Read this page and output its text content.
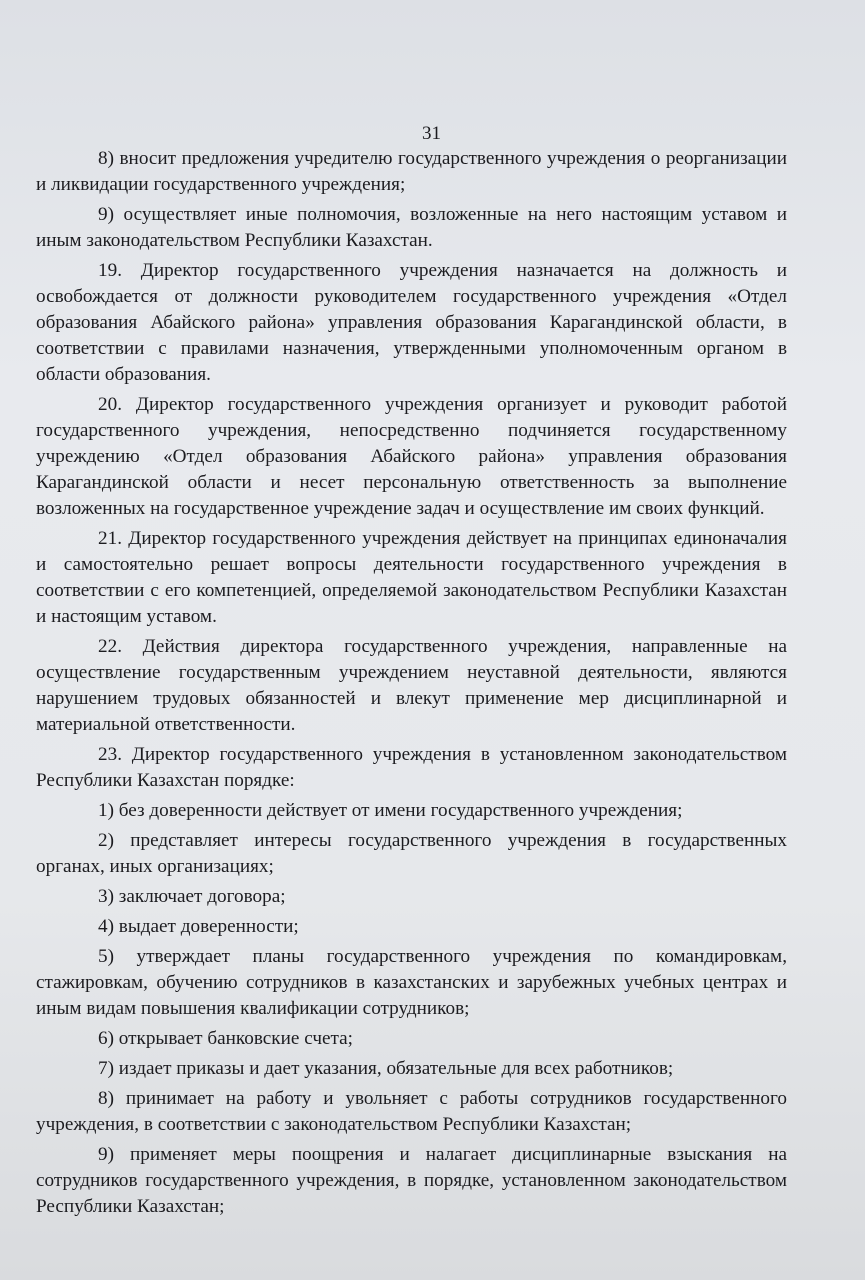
31

8) вносит предложения учредителю государственного учреждения о реорганизации и ликвидации государственного учреждения;

9) осуществляет иные полномочия, возложенные на него настоящим уставом и иным законодательством Республики Казахстан.

19. Директор государственного учреждения назначается на должность и освобождается от должности руководителем государственного учреждения «Отдел образования Абайского района» управления образования Карагандинской области, в соответствии с правилами назначения, утвержденными уполномоченным органом в области образования.

20. Директор государственного учреждения организует и руководит работой государственного учреждения, непосредственно подчиняется государственному учреждению «Отдел образования Абайского района» управления образования Карагандинской области и несет персональную ответственность за выполнение возложенных на государственное учреждение задач и осуществление им своих функций.

21. Директор государственного учреждения действует на принципах единоначалия и самостоятельно решает вопросы деятельности государственного учреждения в соответствии с его компетенцией, определяемой законодательством Республики Казахстан и настоящим уставом.

22. Действия директора государственного учреждения, направленные на осуществление государственным учреждением неуставной деятельности, являются нарушением трудовых обязанностей и влекут применение мер дисциплинарной и материальной ответственности.

23. Директор государственного учреждения в установленном законодательством Республики Казахстан порядке:

1) без доверенности действует от имени государственного учреждения;

2) представляет интересы государственного учреждения в государственных органах, иных организациях;

3) заключает договора;

4) выдает доверенности;

5) утверждает планы государственного учреждения по командировкам, стажировкам, обучению сотрудников в казахстанских и зарубежных учебных центрах и иным видам повышения квалификации сотрудников;

6) открывает банковские счета;

7) издает приказы и дает указания, обязательные для всех работников;

8) принимает на работу и увольняет с работы сотрудников государственного учреждения, в соответствии с законодательством Республики Казахстан;

9) применяет меры поощрения и налагает дисциплинарные взыскания на сотрудников государственного учреждения, в порядке, установленном законодательством Республики Казахстан;
